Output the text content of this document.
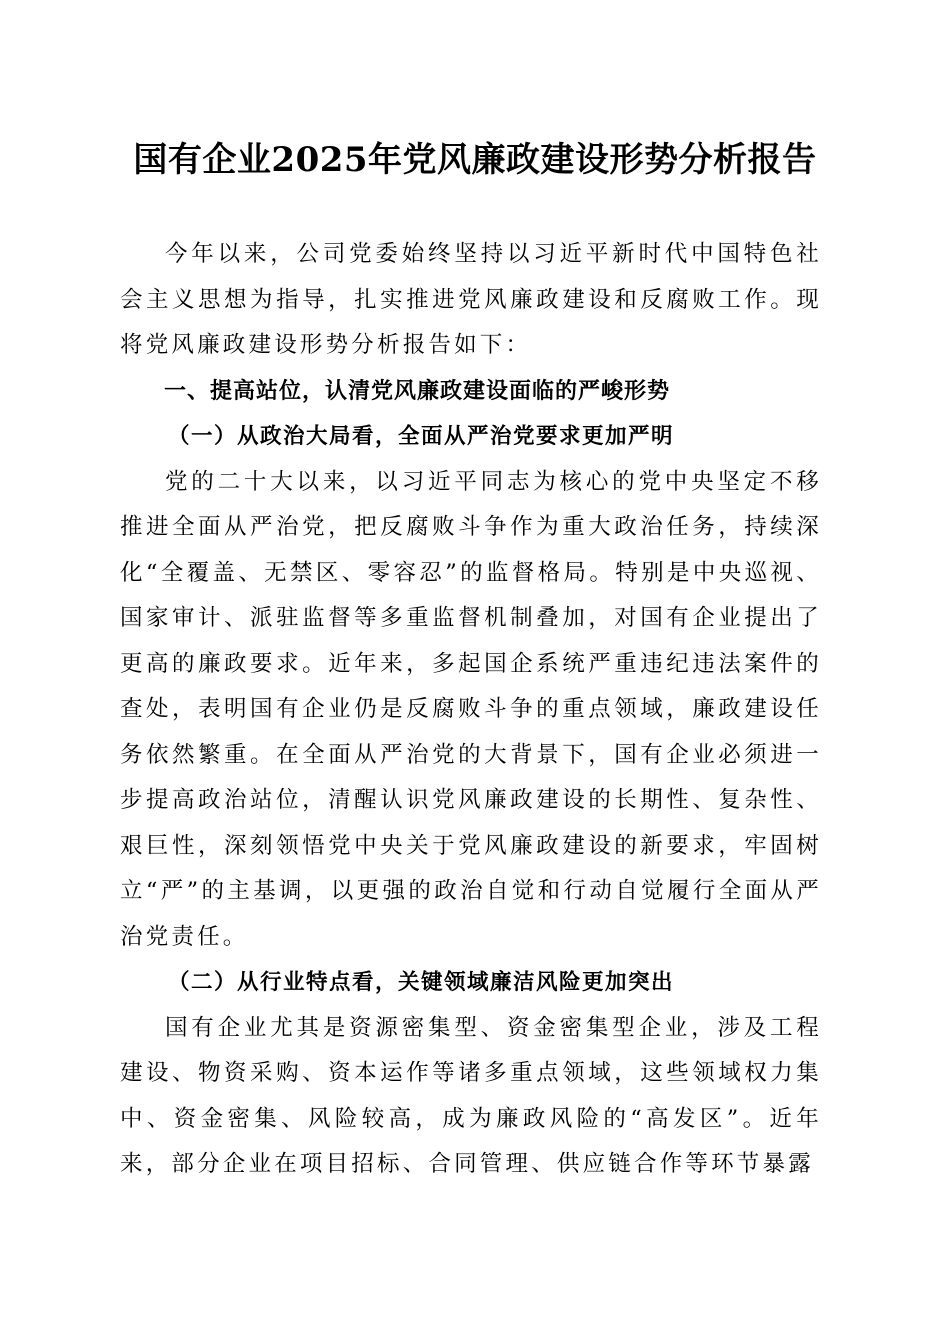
国有企业2025年党风廉政建设形势分析报告

今年以来，公司党委始终坚持以习近平新时代中国特色社会主义思想为指导，扎实推进党风廉政建设和反腐败工作。现将党风廉政建设形势分析报告如下：

一、提高站位，认清党风廉政建设面临的严峻形势
（一）从政治大局看，全面从严治党要求更加严明

党的二十大以来，以习近平同志为核心的党中央坚定不移推进全面从严治党，把反腐败斗争作为重大政治任务，持续深化“全覆盖、无禁区、零容忍”的监督格局。特别是中央巡视、国家审计、派驻监督等多重监督机制叠加，对国有企业提出了更高的廉政要求。近年来，多起国企系统严重违纪违法案件的查处，表明国有企业仍是反腐败斗争的重点领域，廉政建设任务依然繁重。在全面从严治党的大背景下，国有企业必须进一步提高政治站位，清醒认识党风廉政建设的长期性、复杂性、艰巨性，深刻领悟党中央关于党风廉政建设的新要求，牢固树立“严”的主基调，以更强的政治自觉和行动自觉履行全面从严治党责任。

（二）从行业特点看，关键领域廉洁风险更加突出

国有企业尤其是资源密集型、资金密集型企业，涉及工程建设、物资采购、资本运作等诸多重点领域，这些领域权力集中、资金密集、风险较高，成为廉政风险的“高发区”。近年来，部分企业在项目招标、合同管理、供应链合作等环节暴露
